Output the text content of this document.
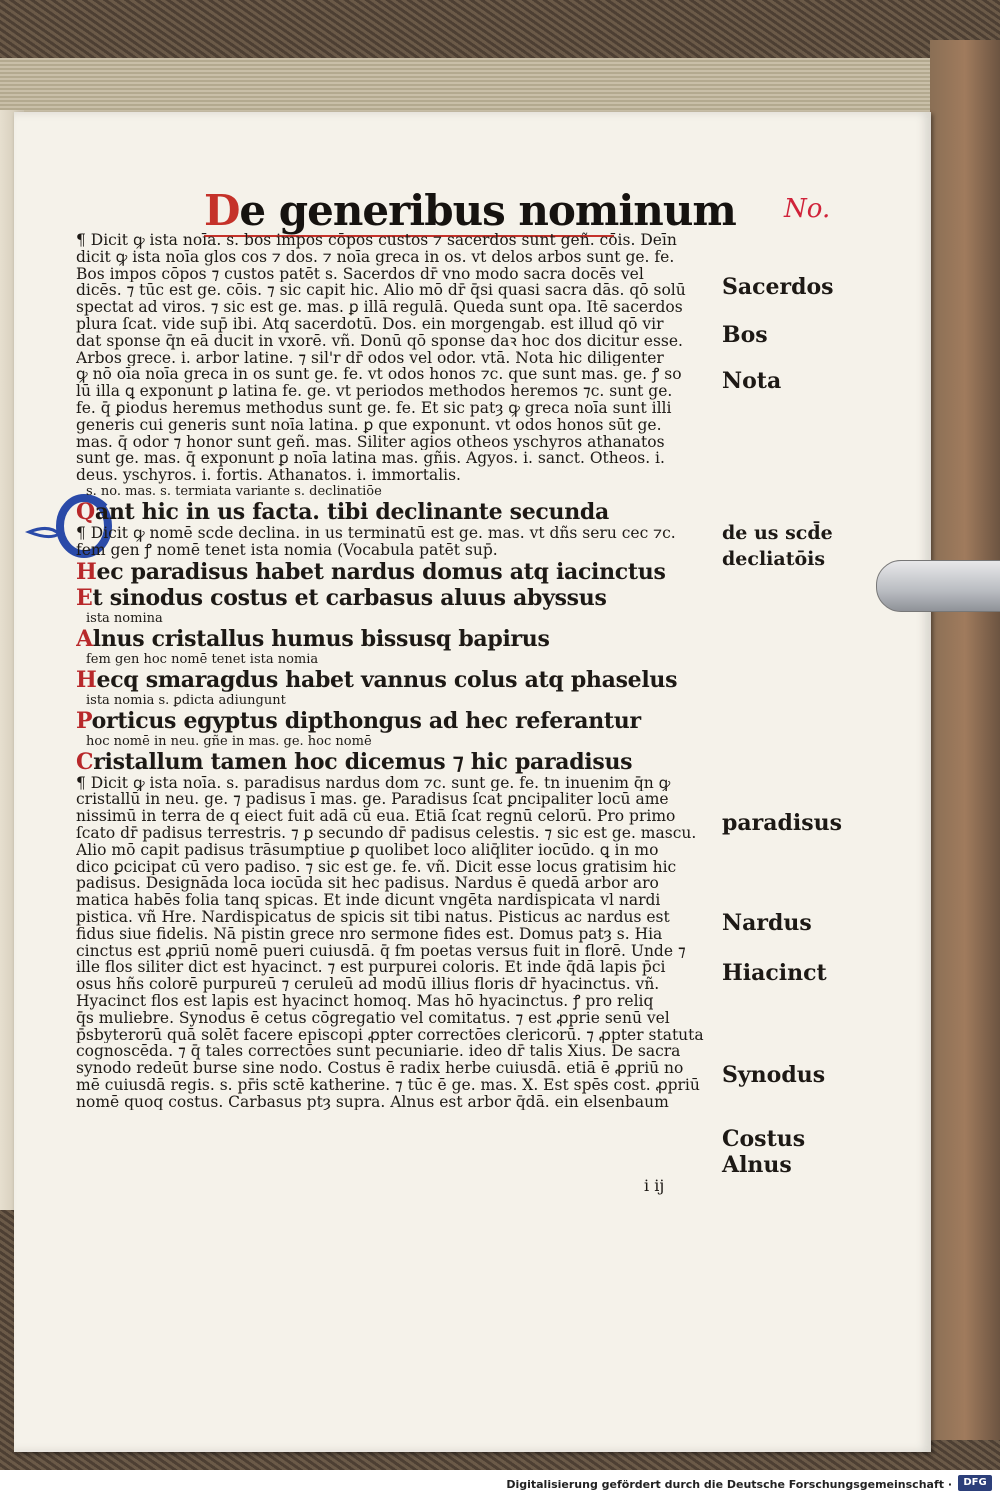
De generibus nominum No.
¶ Dicit ꝙ ista noīa. s. bos impos cōpos custos ⁊ sacerdos sunt geñ. cōis. Deīn
dicit ꝙ ista noīa glos cos ⁊ dos. ⁊ noīa greca in os. vt delos arbos sunt ge. fe.
Bos impos cōpos ⁊ custos patēt s. Sacerdos dr̄ vno modo sacra docēs vel
dicēs. ⁊ tūc est ge. cōis. ⁊ sic capit hic. Alio mō dr̄ q̄si quasi sacra dās. qō solū
spectat ad viros. ⁊ sic est ge. mas. ꝑ illā regulā. Queda sunt opa. Itē sacerdos
plura ſcat. vide sup̄ ibi. Atq sacerdotū. Dos. ein morgengab. est illud qō vir
dat sponse q̄n eā ducit in vxorē. vñ. Donū qō sponse daꝛ hoc dos dicitur esse.
Arbos grece. i. arbor latine. ⁊ sil'r dr̄ odos vel odor. vtā. Nota hic diligenter
ꝙ nō oīa noīa greca in os sunt ge. fe. vt odos honos ⁊c. que sunt mas. ge. ꝭ so
lū illa ꝗ exponunt ꝑ latina fe. ge. vt periodos methodos heremos ⁊c. sunt ge.
fe. q̄ ꝑiodus heremus methodus sunt ge. fe. Et sic patȝ ꝙ greca noīa sunt illi
generis cui generis sunt noīa latina. ꝑ que exponunt. vt odos honos sūt ge.
mas. q̄ odor ⁊ honor sunt geñ. mas. Siliter agios otheos yschyros athanatos
sunt ge. mas. q̄ exponunt ꝑ noīa latina mas. gñis. Agyos. i. sanct. Otheos. i.
deus. yschyros. i. fortis. Athanatos. i. immortalis.
s. no. mas. s. termiata variante s. declinatiōe
Qant hic in us facta. tibi declinante secunda
¶ Dicit ꝙ nomē scd̄e declina. in us terminatū est ge. mas. vt dñs seru cec ⁊c.
fem gen ꝭ nomē tenet ista nomia (Vocabula patēt sup̄.
Hec paradisus habet nardus domus atq iacinctus
Et sinodus costus et carbasus aluus abyssus
ista nomina
Alnus cristallus humus bissusq bapirus
fem gen hoc nomē tenet ista nomia
Hecq smaragdus habet vannus colus atq phaselus
ista nomia s. ꝑdicta adiungunt
Porticus egyptus dipthongus ad hec referantur
hoc nomē in neu. gñe in mas. ge. hoc nomē
Cristallum tamen hoc dicemus ⁊ hic paradisus
¶ Dicit ꝙ ista noīa. s. paradisus nardus dom ⁊c. sunt ge. fe. t̄n inuenim q̄n ꝙ
cristallū in neu. ge. ⁊ padisus ī mas. ge. Paradisus ſcat ꝑncipaliter locū ame
nissimū in terra de q eiect fuit adā cū eua. Etiā ſcat regnū celorū. Pro primo
ſcato dr̄ padisus terrestris. ⁊ ꝑ secundo dr̄ padisus celestis. ⁊ sic est ge. mascu.
Alio mō capit padisus trāsumptiue ꝑ quolibet loco aliq̄liter iocūdo. ꝗ in mo
dico ꝑcicipat cū vero padiso. ⁊ sic est ge. fe. vñ. Dicit esse locus gratisim hic
padisus. Designāda loca iocūda sit hec padisus. Nardus ē quedā arbor aro
matica habēs folia tanq spicas. Et inde dicunt vngēta nardispicata vl nardi
pistica. vñ Hre. Nardispicatus de spicis sit tibi natus. Pisticus ac nardus est
fidus siue fidelis. Nā pistin grece nro sermone fides est. Domus patȝ s. Hia
cinctus est ꝓpriū nomē pueri cuiusdā. q̄ fm poetas versus fuit in florē. Unde ⁊
ille flos siliter dict est hyacinct. ⁊ est purpurei coloris. Et inde q̄dā lapis p̄ci
osus hñs colorē purpureū ⁊ ceruleū ad modū illius floris dr̄ hyacinctus. vñ.
Hyacinct flos est lapis est hyacinct homoq. Mas hō hyacinctus. ꝭ pro reliq
q̄s muliebre. Synodus ē cetus cōgregatio vel comitatus. ⁊ est ꝓprie senū vel
p̄sbyterorū quā solēt facere episcopi ꝓpter correctōes clericorū. ⁊ ꝓpter statuta
cognoscēda. ⁊ q̄ tales correctōes sunt pecuniarie. ideo dr̄ talis Xius. De sacra
synodo redeūt burse sine nodo. Costus ē radix herbe cuiusdā. etiā ē ꝓpriū no
mē cuiusdā regis. s. pr̄is sctē katherine. ⁊ tūc ē ge. mas. X. Est spēs cost. ꝓpriū
nomē quoq costus. Carbasus ptȝ supra. Alnus est arbor q̄dā. ein elsenbaum
Sacerdos
Bos
Nota
de us scd̄e
decliatōis
paradisus
Nardus
Hiacinct
Synodus
Costus
Alnus
i ij
Digitalisierung gefördert durch die Deutsche Forschungsgemeinschaft ·	DFG
